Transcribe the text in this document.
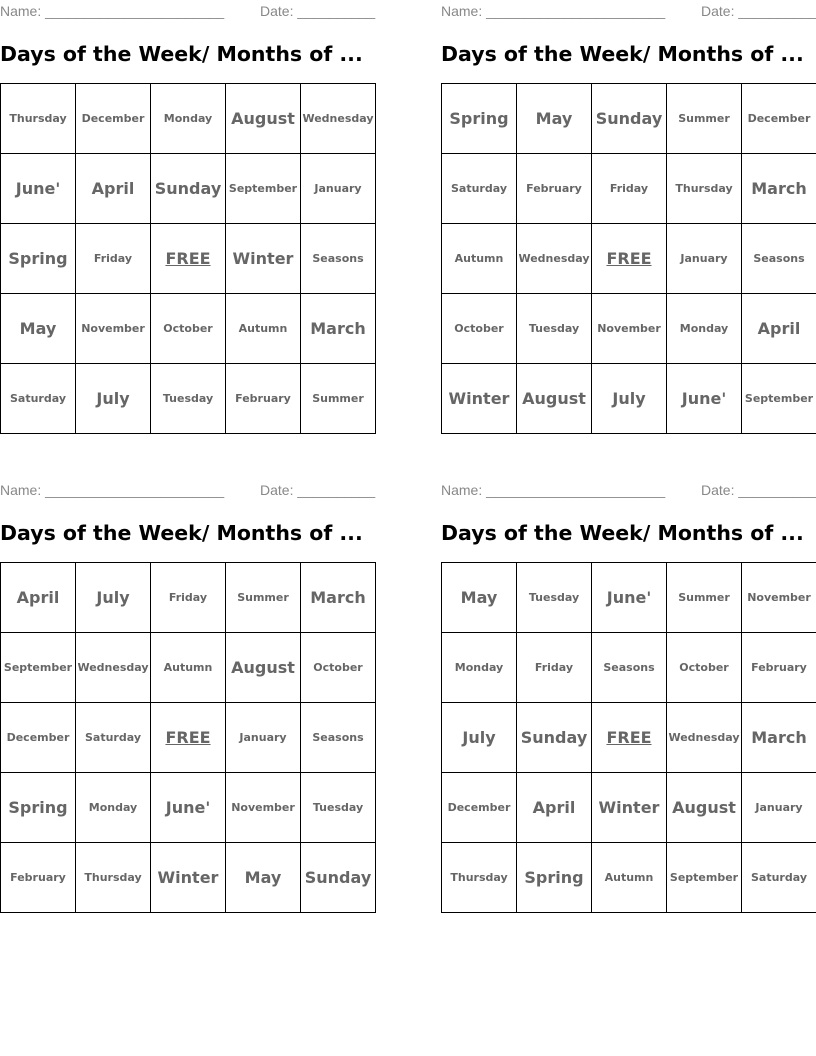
Name: _______________________	Date: __________
Days of the Week/ Months of ...
Thursday	December	Monday	August	Wednesday
June'	April	Sunday	September	January
Spring	Friday	FREE	Winter	Seasons
May	November	October	Autumn	March
Saturday	July	Tuesday	February	Summer
Name: _______________________	Date: __________
Days of the Week/ Months of ...
Spring	May	Sunday	Summer	December
Saturday	February	Friday	Thursday	March
Autumn	Wednesday	FREE	January	Seasons
October	Tuesday	November	Monday	April
Winter	August	July	June'	September
Name: _______________________	Date: __________
Days of the Week/ Months of ...
April	July	Friday	Summer	March
September	Wednesday	Autumn	August	October
December	Saturday	FREE	January	Seasons
Spring	Monday	June'	November	Tuesday
February	Thursday	Winter	May	Sunday
Name: _______________________	Date: __________
Days of the Week/ Months of ...
May	Tuesday	June'	Summer	November
Monday	Friday	Seasons	October	February
July	Sunday	FREE	Wednesday	March
December	April	Winter	August	January
Thursday	Spring	Autumn	September	Saturday
